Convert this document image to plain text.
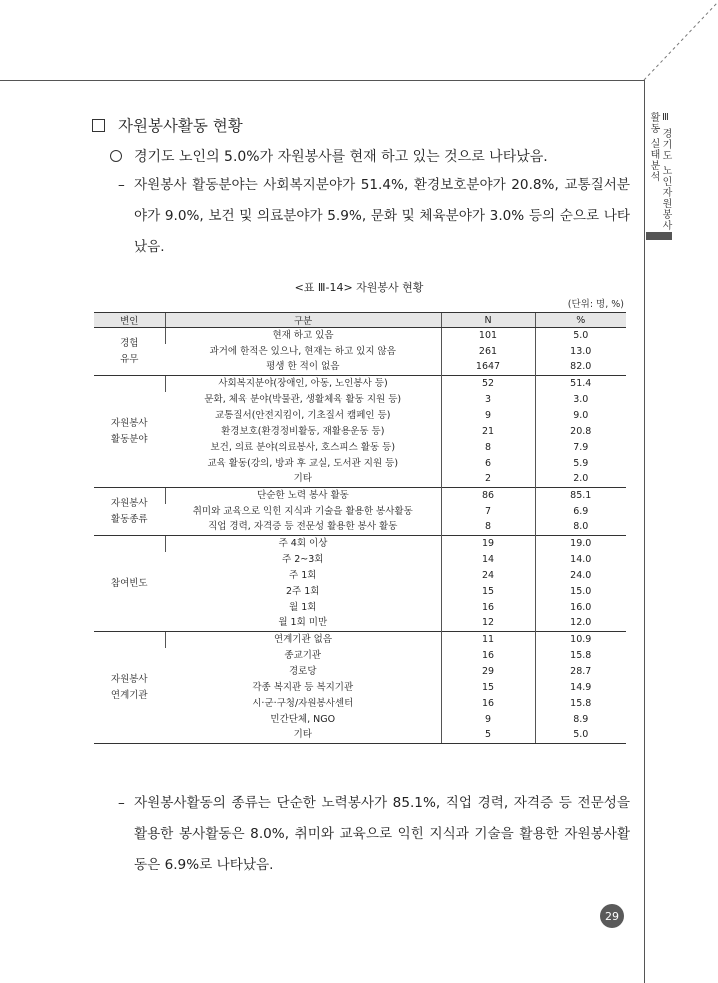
Ⅲ 경기도 노인자원봉사활동 실태분석
자원봉사활동 현황
경기도 노인의 5.0%가 자원봉사를 현재 하고 있는 것으로 나타났음.
– 자원봉사 활동분야는 사회복지분야가 51.4%, 환경보호분야가 20.8%, 교통질서분야가 9.0%, 보건 및 의료분야가 5.9%, 문화 및 체육분야가 3.0% 등의 순으로 나타났음.
<표 Ⅲ-14> 자원봉사 현황
(단위: 명, %)
변인	구분	N	%
경험
유무	현재 하고 있음	101	5.0
	과거에 한적은 있으나, 현재는 하고 있지 않음	261	13.0
	평생 한 적이 없음	1647	82.0
자원봉사
활동분야	사회복지분야(장애인, 아동, 노인봉사 등)	52	51.4
	문화, 체육 분야(박물관, 생활체육 활동 지원 등)	3	3.0
	교통질서(안전지킴이, 기초질서 캠페인 등)	9	9.0
	환경보호(환경정비활동, 재활용운동 등)	21	20.8
	보건, 의료 분야(의료봉사, 호스피스 활동 등)	8	7.9
	교육 활동(강의, 방과 후 교실, 도서관 지원 등)	6	5.9
	기타	2	2.0
자원봉사
활동종류	단순한 노력 봉사 활동	86	85.1
	취미와 교육으로 익힌 지식과 기술을 활용한 봉사활동	7	6.9
	직업 경력, 자격증 등 전문성 활용한 봉사 활동	8	8.0
참여빈도	주 4회 이상	19	19.0
	주 2~3회	14	14.0
	주 1회	24	24.0
	2주 1회	15	15.0
	월 1회	16	16.0
	월 1회 미만	12	12.0
자원봉사
연계기관	연계기관 없음	11	10.9
	종교기관	16	15.8
	경로당	29	28.7
	각종 복지관 등 복지기관	15	14.9
	시·군·구청/자원봉사센터	16	15.8
	민간단체, NGO	9	8.9
	기타	5	5.0
– 자원봉사활동의 종류는 단순한 노력봉사가 85.1%, 직업 경력, 자격증 등 전문성을 활용한 봉사활동은 8.0%, 취미와 교육으로 익힌 지식과 기술을 활용한 자원봉사활동은 6.9%로 나타났음.
29
